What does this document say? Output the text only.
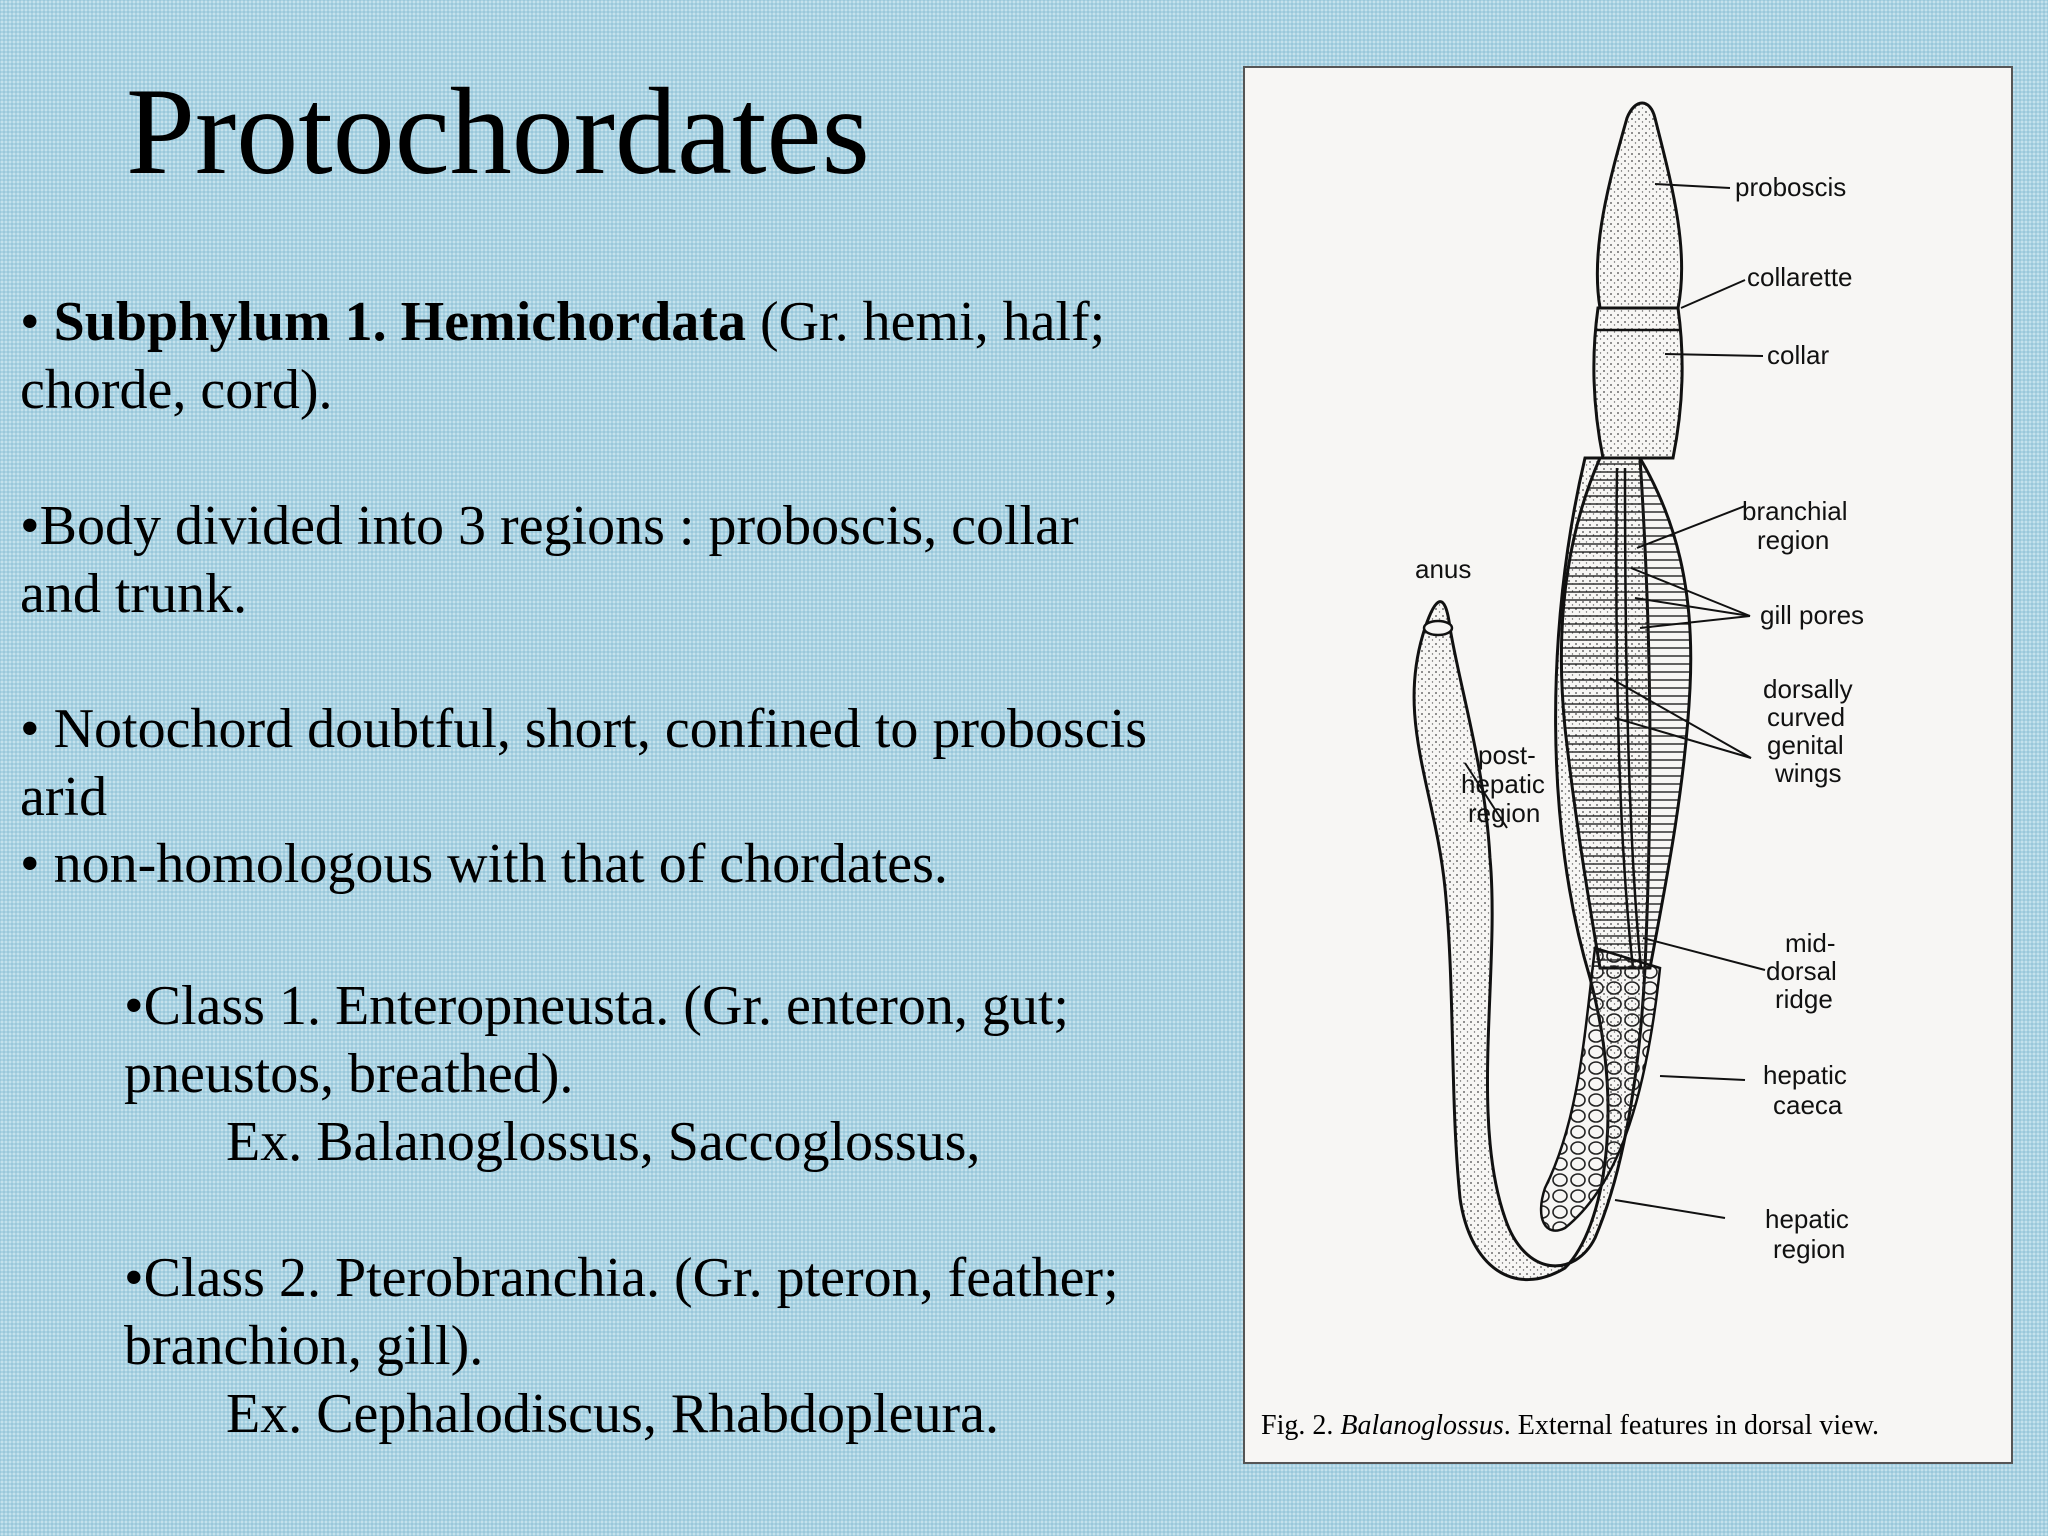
Protochordates
• Subphylum 1. Hemichordata (Gr. hemi, half; chorde, cord).
•Body divided into 3 regions : proboscis, collar and trunk.
• Notochord doubtful, short, confined to proboscis arid
• non-homologous with that of chordates.
•Class 1. Enteropneusta. (Gr. enteron, gut; pneustos, breathed).
Ex. Balanoglossus, Saccoglossus,
•Class 2. Pterobranchia. (Gr. pteron, feather; branchion, gill).
Ex. Cephalodiscus, Rhabdopleura.
proboscis
collarette
collar
branchial
region
anus
gill pores
dorsally
curved
genital
wings
post-
hepatic
region
mid-
dorsal
ridge
hepatic
caeca
hepatic
region
Fig. 2. Balanoglossus. External features in dorsal view.
